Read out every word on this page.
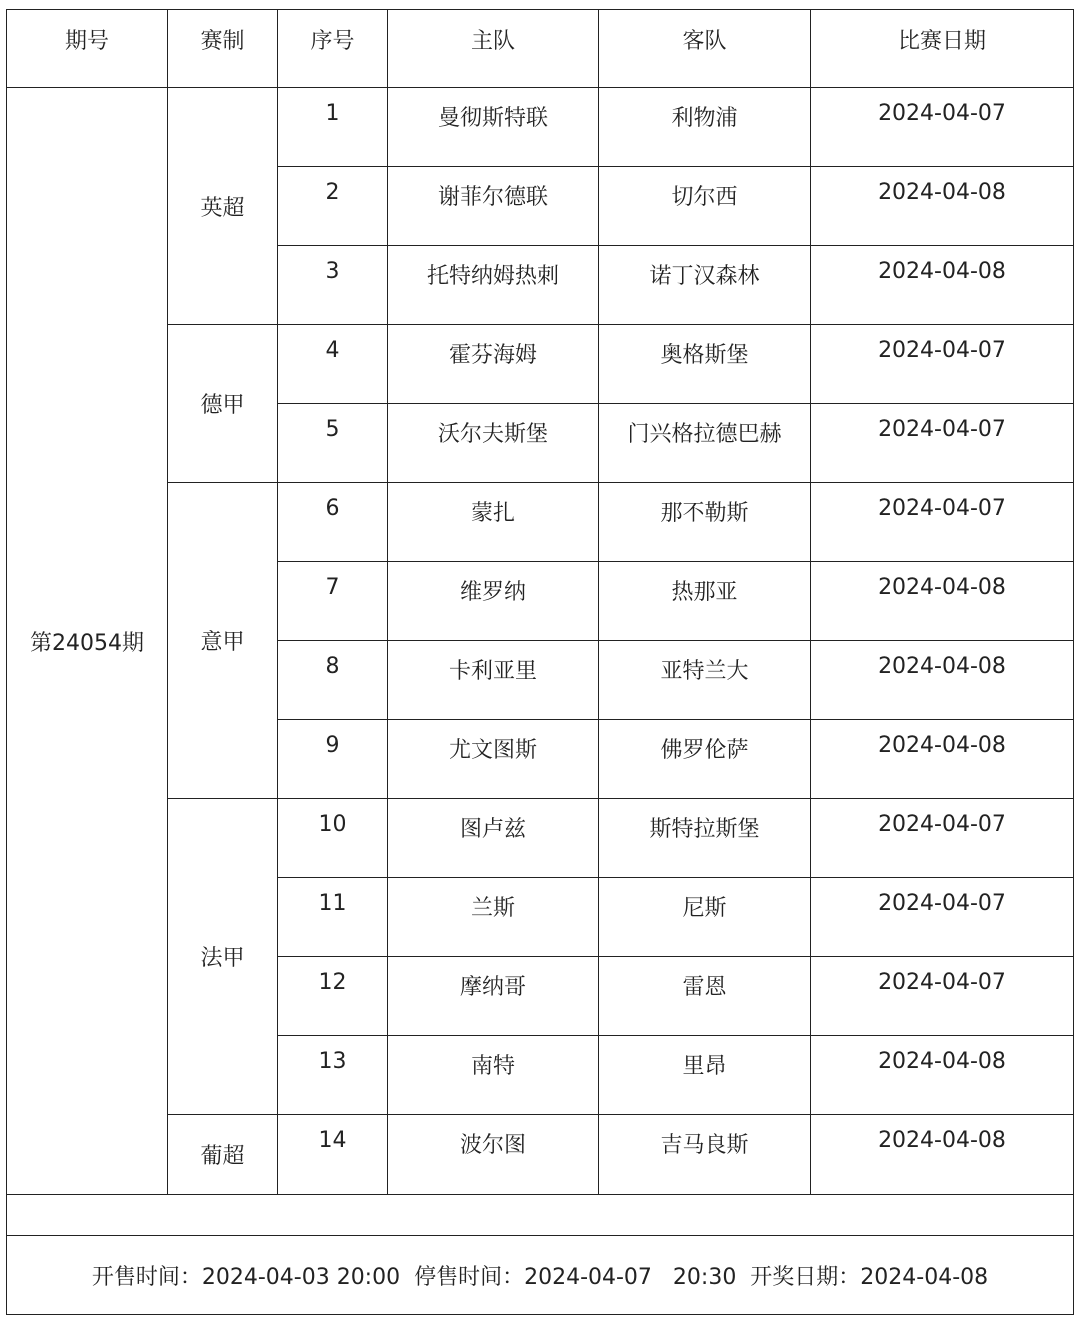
期号	赛制	序号	主队	客队	比赛日期
第24054期	英超	1	曼彻斯特联	利物浦	2024-04-07
		2	谢菲尔德联	切尔西	2024-04-08
		3	托特纳姆热刺	诺丁汉森林	2024-04-08
	德甲	4	霍芬海姆	奥格斯堡	2024-04-07
		5	沃尔夫斯堡	门兴格拉德巴赫	2024-04-07
	意甲	6	蒙扎	那不勒斯	2024-04-07
		7	维罗纳	热那亚	2024-04-08
		8	卡利亚里	亚特兰大	2024-04-08
		9	尤文图斯	佛罗伦萨	2024-04-08
	法甲	10	图卢兹	斯特拉斯堡	2024-04-07
		11	兰斯	尼斯	2024-04-07
		12	摩纳哥	雷恩	2024-04-07
		13	南特	里昂	2024-04-08
	葡超	14	波尔图	吉马良斯	2024-04-08

开售时间：2024-04-03 20:00  停售时间：2024-04-07   20:30  开奖日期：2024-04-08					
